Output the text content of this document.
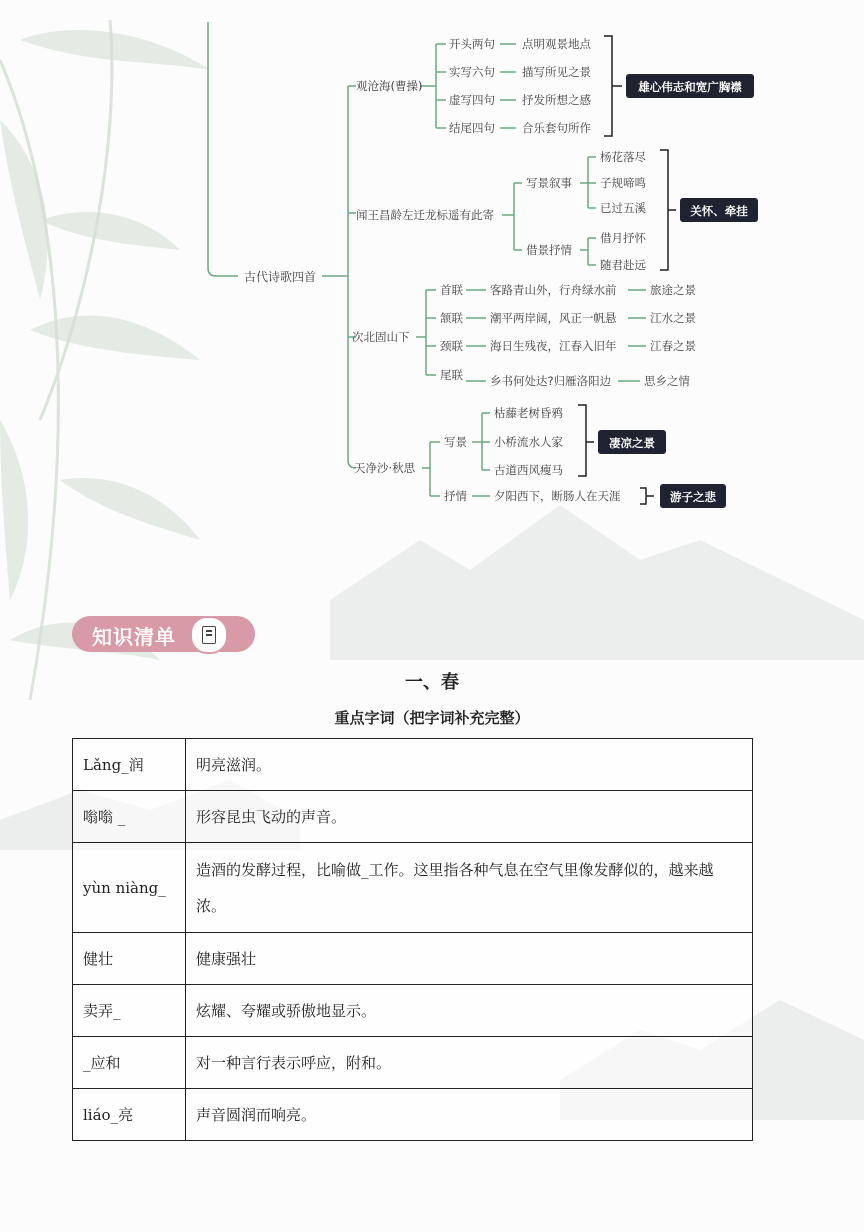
古代诗歌四首
观沧海(曹操)
开头两句
实写六句
虚写四句
结尾四句
点明观景地点
描写所见之景
抒发所想之感
合乐套句所作
雄心伟志和宽广胸襟
闻王昌龄左迁龙标遥有此寄
写景叙事
借景抒情
杨花落尽
子规啼鸣
已过五溪
借月抒怀
随君赴远
关怀、牵挂
次北固山下
首联
颔联
颈联
尾联
客路青山外，行舟绿水前
潮平两岸阔，风正一帆悬
海日生残夜，江春入旧年
乡书何处达?归雁洛阳边
旅途之景
江水之景
江春之景
思乡之情
天净沙·秋思
写景
抒情
枯藤老树昏鸦
小桥流水人家
古道西风瘦马
夕阳西下，断肠人在天涯
凄凉之景
游子之悲
知识清单
一、春
重点字词（把字词补充完整）
Lǎng_润	明亮滋润。
嗡嗡 _	形容昆虫飞动的声音。
yùn niàng_	造酒的发酵过程，比喻做_工作。这里指各种气息在空气里像发酵似的，越来越浓。
健壮	健康强壮
卖弄_	炫耀、夸耀或骄傲地显示。
_应和	对一种言行表示呼应，附和。
liáo_亮	声音圆润而响亮。
